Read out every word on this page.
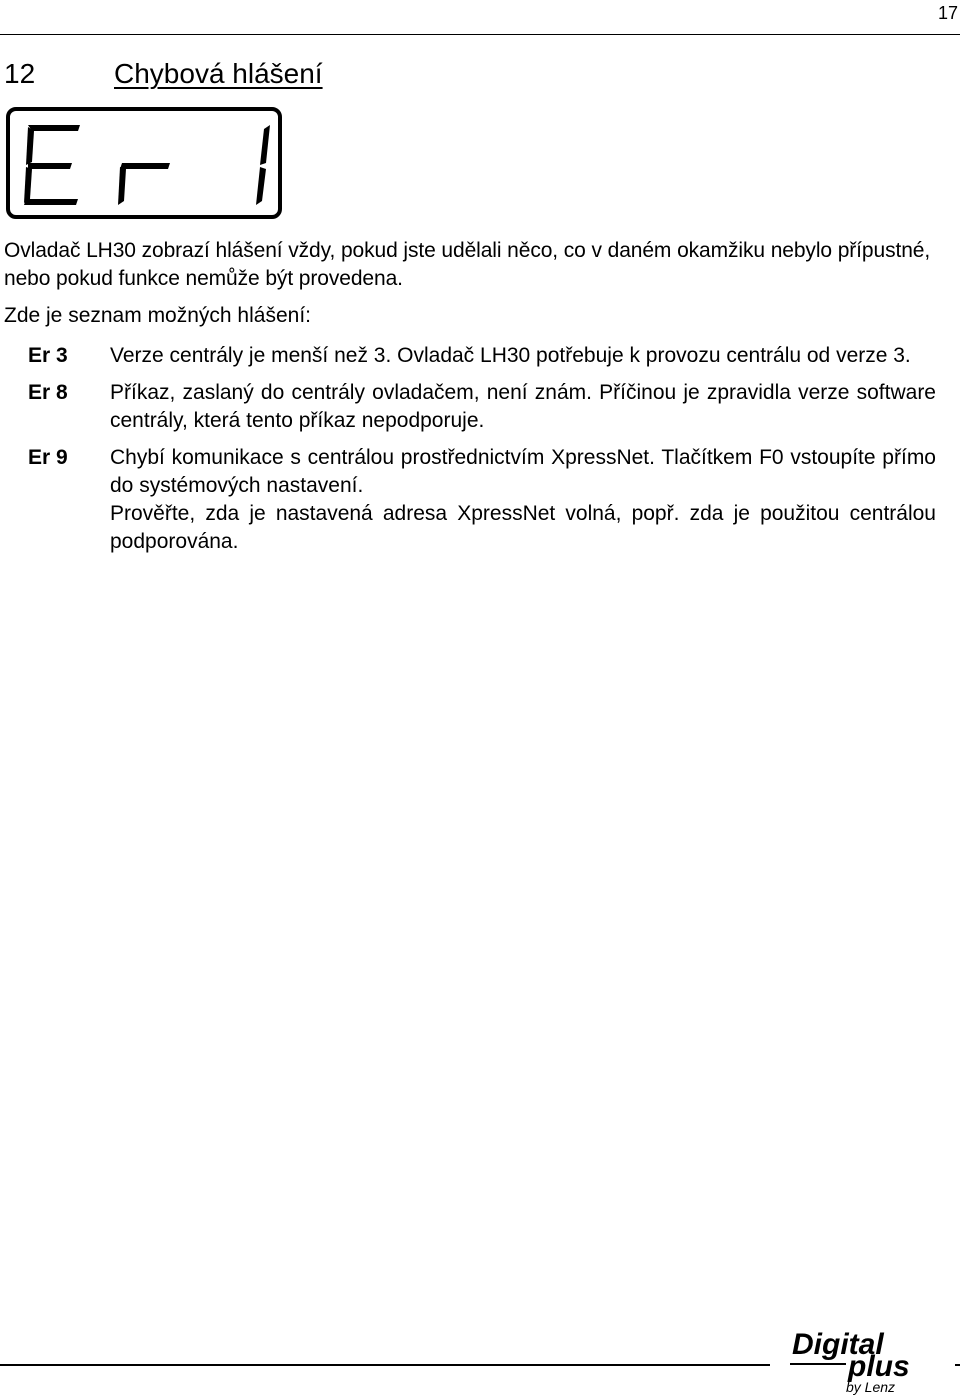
17
12	Chybová hlášení
Ovladač LH30 zobrazí hlášení vždy, pokud jste udělali něco, co v daném okamžiku nebylo přípustné, nebo pokud funkce nemůže být provedena.
Zde je seznam možných hlášení:
Er 3	Verze centrály je menší než 3. Ovladač LH30 potřebuje k provozu centrálu od verze 3.
Er 8	Příkaz, zaslaný do centrály ovladačem, není znám. Příčinou je zpravidla verze software centrály, která tento příkaz nepodporuje.
Er 9	Chybí komunikace s centrálou prostřednictvím XpressNet. Tlačítkem F0 vstoupíte přímo do systémových nastavení.
Prověřte, zda je nastavená adresa XpressNet volná, popř. zda je použitou centrálou podporována.
Digital
plus
by Lenz
